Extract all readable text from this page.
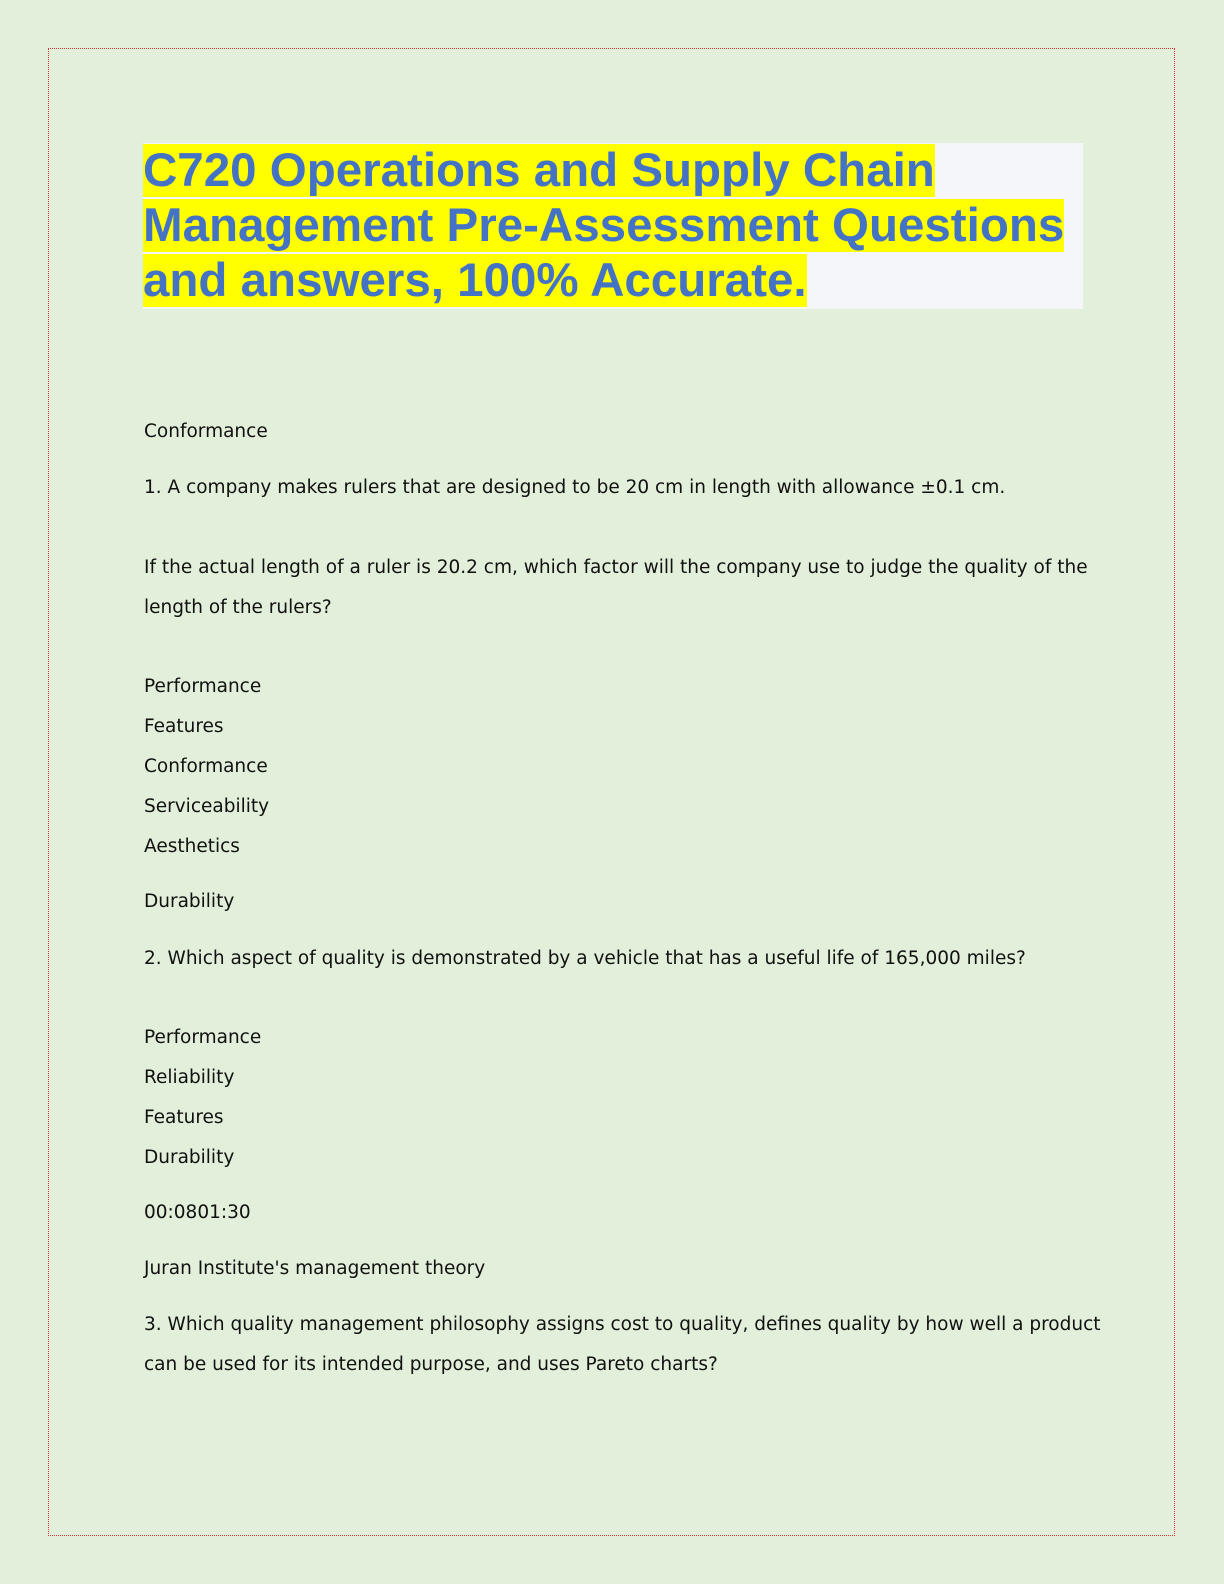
C720 Operations and Supply Chain
Management Pre-Assessment Questions
and answers, 100% Accurate.
Conformance
1. A company makes rulers that are designed to be 20 cm in length with allowance ±0.1 cm.
If the actual length of a ruler is 20.2 cm, which factor will the company use to judge the quality of the
length of the rulers?
Performance
Features
Conformance
Serviceability
Aesthetics
Durability
2. Which aspect of quality is demonstrated by a vehicle that has a useful life of 165,000 miles?
Performance
Reliability
Features
Durability
00:0801:30
Juran Institute's management theory
3. Which quality management philosophy assigns cost to quality, defines quality by how well a product
can be used for its intended purpose, and uses Pareto charts?
